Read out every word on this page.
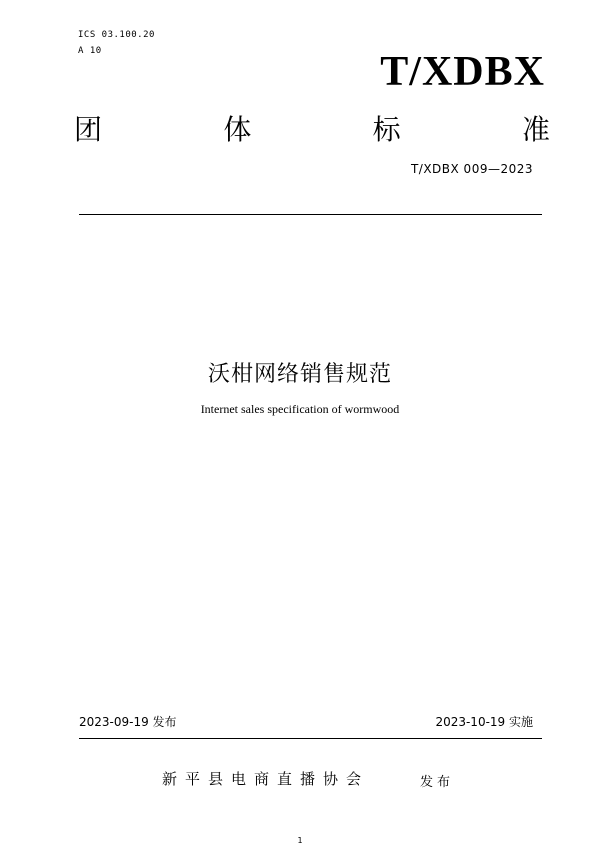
ICS 03.100.20
A 10	T/XDBX
团	体	标	准
T/XDBX 009—2023
沃柑网络销售规范
Internet sales specification of wormwood
2023-09-19 发布	2023-10-19 实施
新平县电商直播协会	发布
1
